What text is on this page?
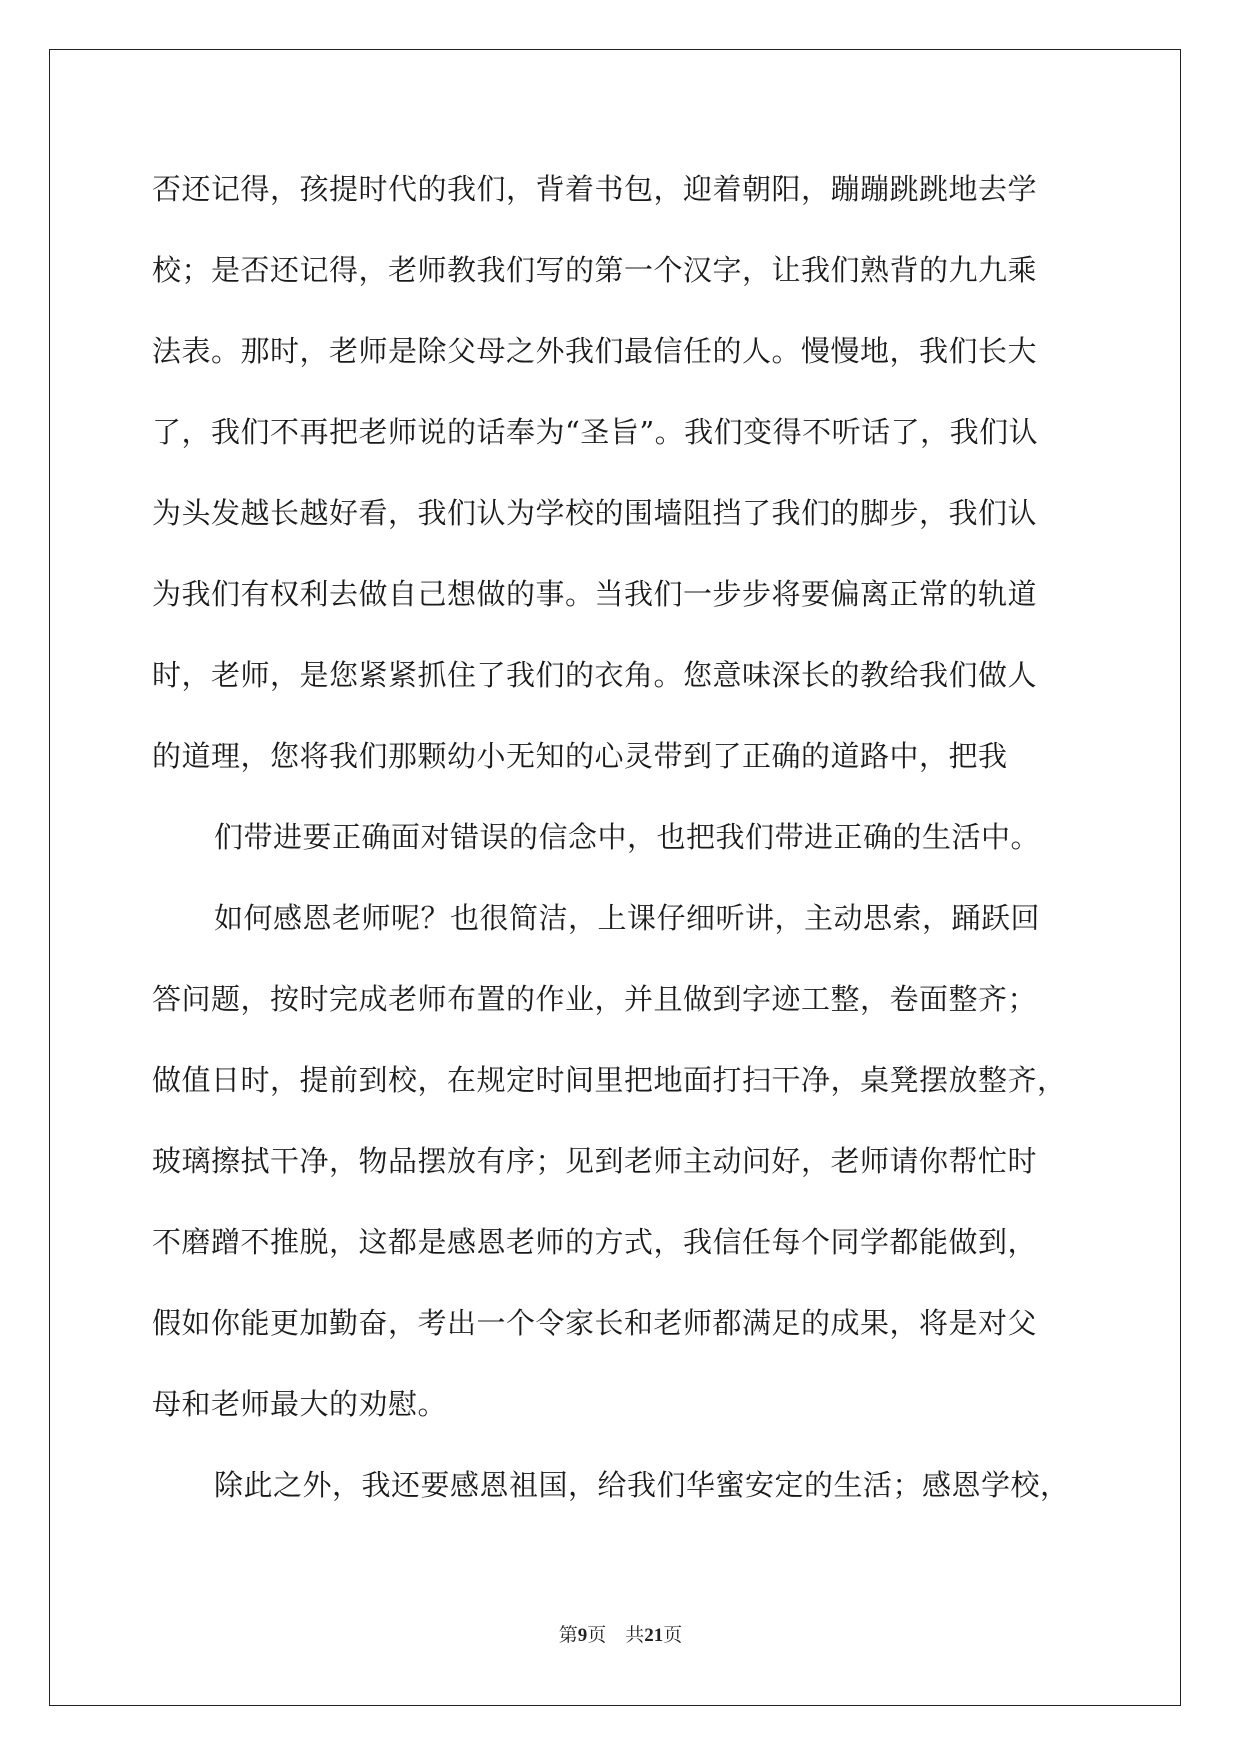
否还记得，孩提时代的我们，背着书包，迎着朝阳，蹦蹦跳跳地去学
校；是否还记得，老师教我们写的第一个汉字，让我们熟背的九九乘
法表。那时，老师是除父母之外我们最信任的人。慢慢地，我们长大
了，我们不再把老师说的话奉为“圣旨”。我们变得不听话了，我们认
为头发越长越好看，我们认为学校的围墙阻挡了我们的脚步，我们认
为我们有权利去做自己想做的事。当我们一步步将要偏离正常的轨道
时，老师，是您紧紧抓住了我们的衣角。您意味深长的教给我们做人
的道理，您将我们那颗幼小无知的心灵带到了正确的道路中，把我
们带进要正确面对错误的信念中，也把我们带进正确的生活中。
如何感恩老师呢？也很简洁，上课仔细听讲，主动思索，踊跃回
答问题，按时完成老师布置的作业，并且做到字迹工整，卷面整齐；
做值日时，提前到校，在规定时间里把地面打扫干净，桌凳摆放整齐，
玻璃擦拭干净，物品摆放有序；见到老师主动问好，老师请你帮忙时
不磨蹭不推脱，这都是感恩老师的方式，我信任每个同学都能做到，
假如你能更加勤奋，考出一个令家长和老师都满足的成果，将是对父
母和老师最大的劝慰。
除此之外，我还要感恩祖国，给我们华蜜安定的生活；感恩学校，
第9页 共21页
